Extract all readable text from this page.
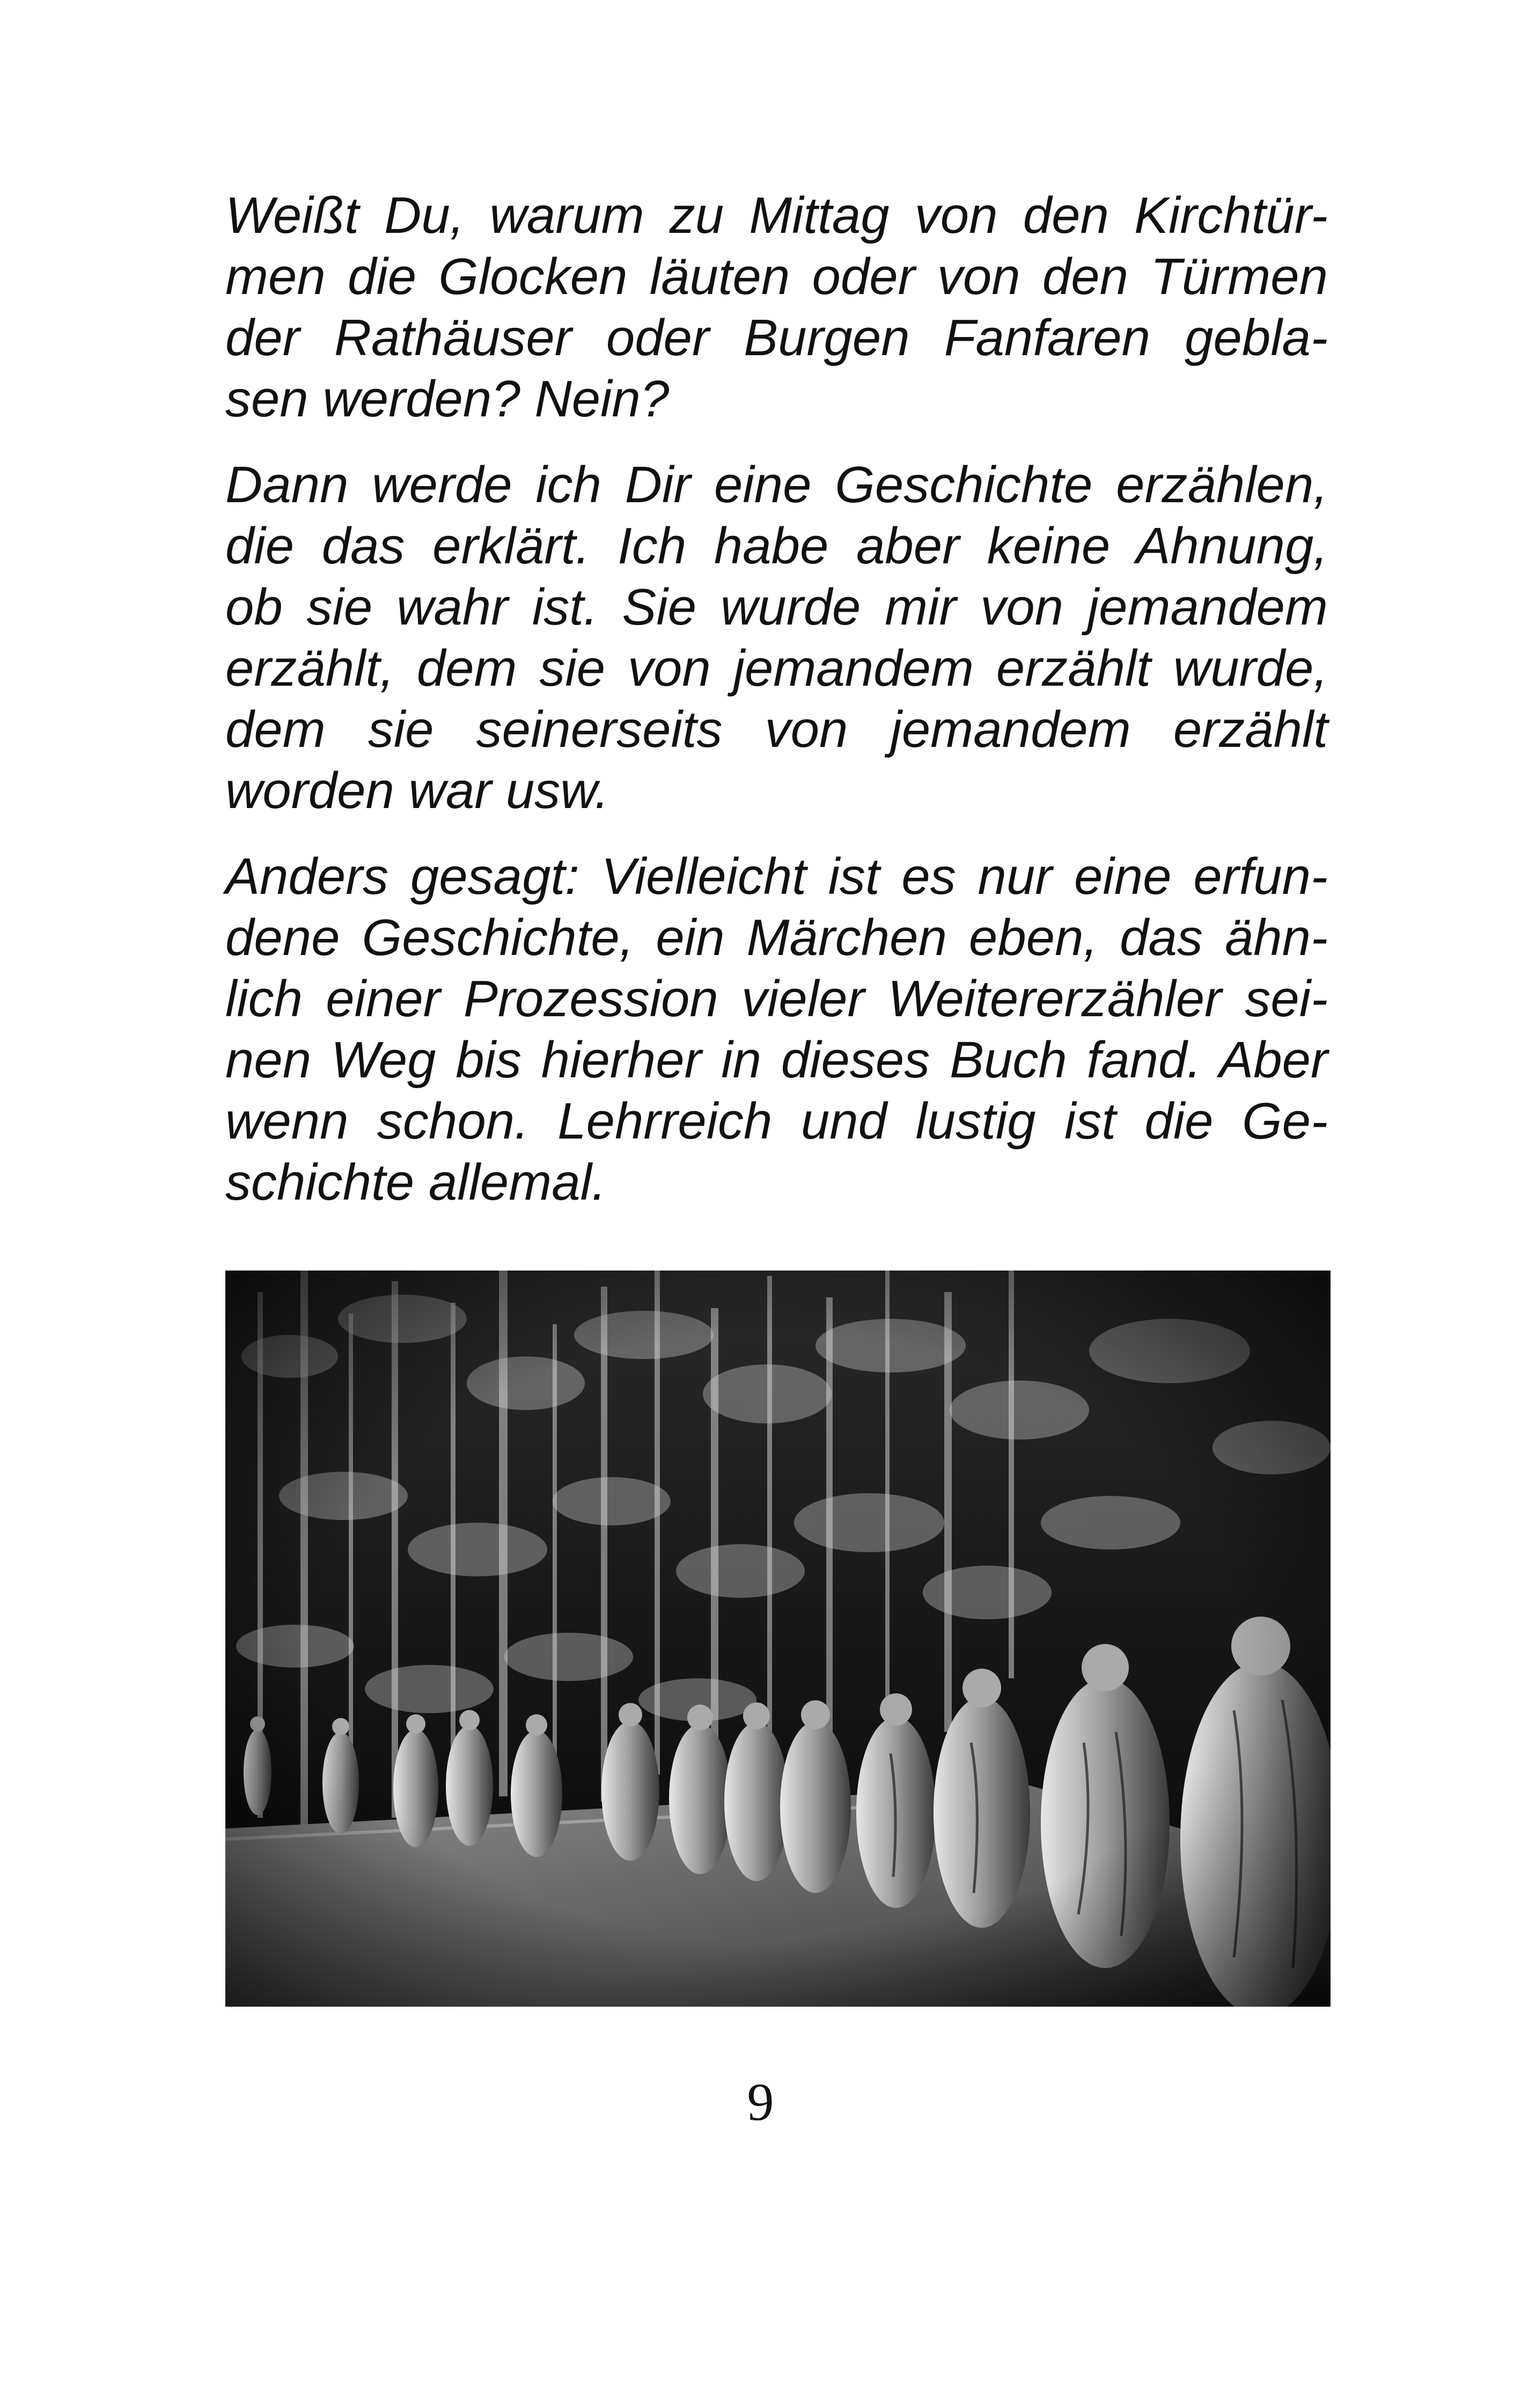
Weißt Du, warum zu Mittag von den Kirchtür-
men die Glocken läuten oder von den Türmen
der Rathäuser oder Burgen Fanfaren gebla-
sen werden? Nein?

Dann werde ich Dir eine Geschichte erzählen,
die das erklärt. Ich habe aber keine Ahnung,
ob sie wahr ist. Sie wurde mir von jemandem
erzählt, dem sie von jemandem erzählt wurde,
dem sie seinerseits von jemandem erzählt
worden war usw.

Anders gesagt: Vielleicht ist es nur eine erfun-
dene Geschichte, ein Märchen eben, das ähn-
lich einer Prozession vieler Weitererzähler sei-
nen Weg bis hierher in dieses Buch fand. Aber
wenn schon. Lehrreich und lustig ist die Ge-
schichte allemal.

9
